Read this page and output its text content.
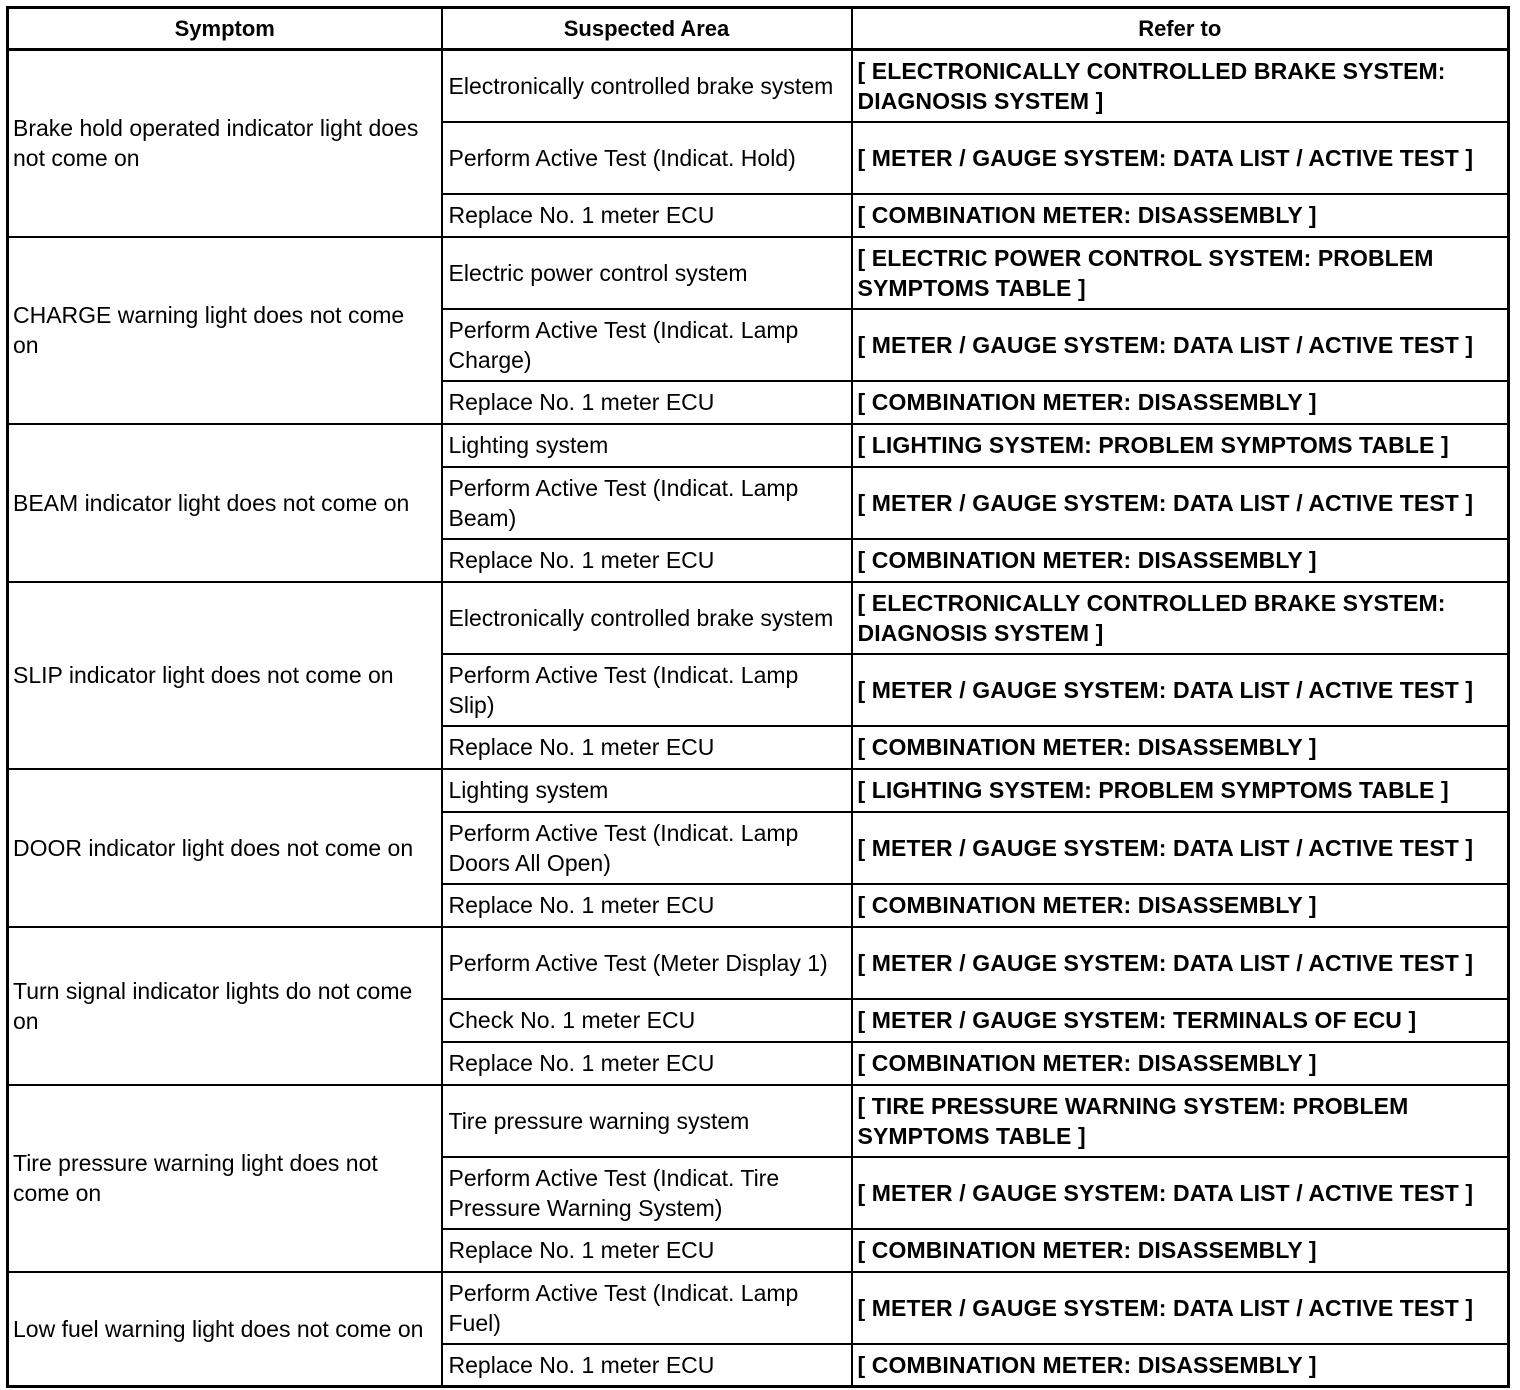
Symptom	Suspected Area	Refer to
Brake hold operated indicator light does not come on	Electronically controlled brake system	[ ELECTRONICALLY CONTROLLED BRAKE SYSTEM: DIAGNOSIS SYSTEM ]
	Perform Active Test (Indicat. Hold)	[ METER / GAUGE SYSTEM: DATA LIST / ACTIVE TEST ]
	Replace No. 1 meter ECU	[ COMBINATION METER: DISASSEMBLY ]
CHARGE warning light does not come on	Electric power control system	[ ELECTRIC POWER CONTROL SYSTEM: PROBLEM SYMPTOMS TABLE ]
	Perform Active Test (Indicat. Lamp Charge)	[ METER / GAUGE SYSTEM: DATA LIST / ACTIVE TEST ]
	Replace No. 1 meter ECU	[ COMBINATION METER: DISASSEMBLY ]
BEAM indicator light does not come on	Lighting system	[ LIGHTING SYSTEM: PROBLEM SYMPTOMS TABLE ]
	Perform Active Test (Indicat. Lamp Beam)	[ METER / GAUGE SYSTEM: DATA LIST / ACTIVE TEST ]
	Replace No. 1 meter ECU	[ COMBINATION METER: DISASSEMBLY ]
SLIP indicator light does not come on	Electronically controlled brake system	[ ELECTRONICALLY CONTROLLED BRAKE SYSTEM: DIAGNOSIS SYSTEM ]
	Perform Active Test (Indicat. Lamp Slip)	[ METER / GAUGE SYSTEM: DATA LIST / ACTIVE TEST ]
	Replace No. 1 meter ECU	[ COMBINATION METER: DISASSEMBLY ]
DOOR indicator light does not come on	Lighting system	[ LIGHTING SYSTEM: PROBLEM SYMPTOMS TABLE ]
	Perform Active Test (Indicat. Lamp Doors All Open)	[ METER / GAUGE SYSTEM: DATA LIST / ACTIVE TEST ]
	Replace No. 1 meter ECU	[ COMBINATION METER: DISASSEMBLY ]
Turn signal indicator lights do not come on	Perform Active Test (Meter Display 1)	[ METER / GAUGE SYSTEM: DATA LIST / ACTIVE TEST ]
	Check No. 1 meter ECU	[ METER / GAUGE SYSTEM: TERMINALS OF ECU ]
	Replace No. 1 meter ECU	[ COMBINATION METER: DISASSEMBLY ]
Tire pressure warning light does not come on	Tire pressure warning system	[ TIRE PRESSURE WARNING SYSTEM: PROBLEM SYMPTOMS TABLE ]
	Perform Active Test (Indicat. Tire Pressure Warning System)	[ METER / GAUGE SYSTEM: DATA LIST / ACTIVE TEST ]
	Replace No. 1 meter ECU	[ COMBINATION METER: DISASSEMBLY ]
Low fuel warning light does not come on	Perform Active Test (Indicat. Lamp Fuel)	[ METER / GAUGE SYSTEM: DATA LIST / ACTIVE TEST ]
	Replace No. 1 meter ECU	[ COMBINATION METER: DISASSEMBLY ]
